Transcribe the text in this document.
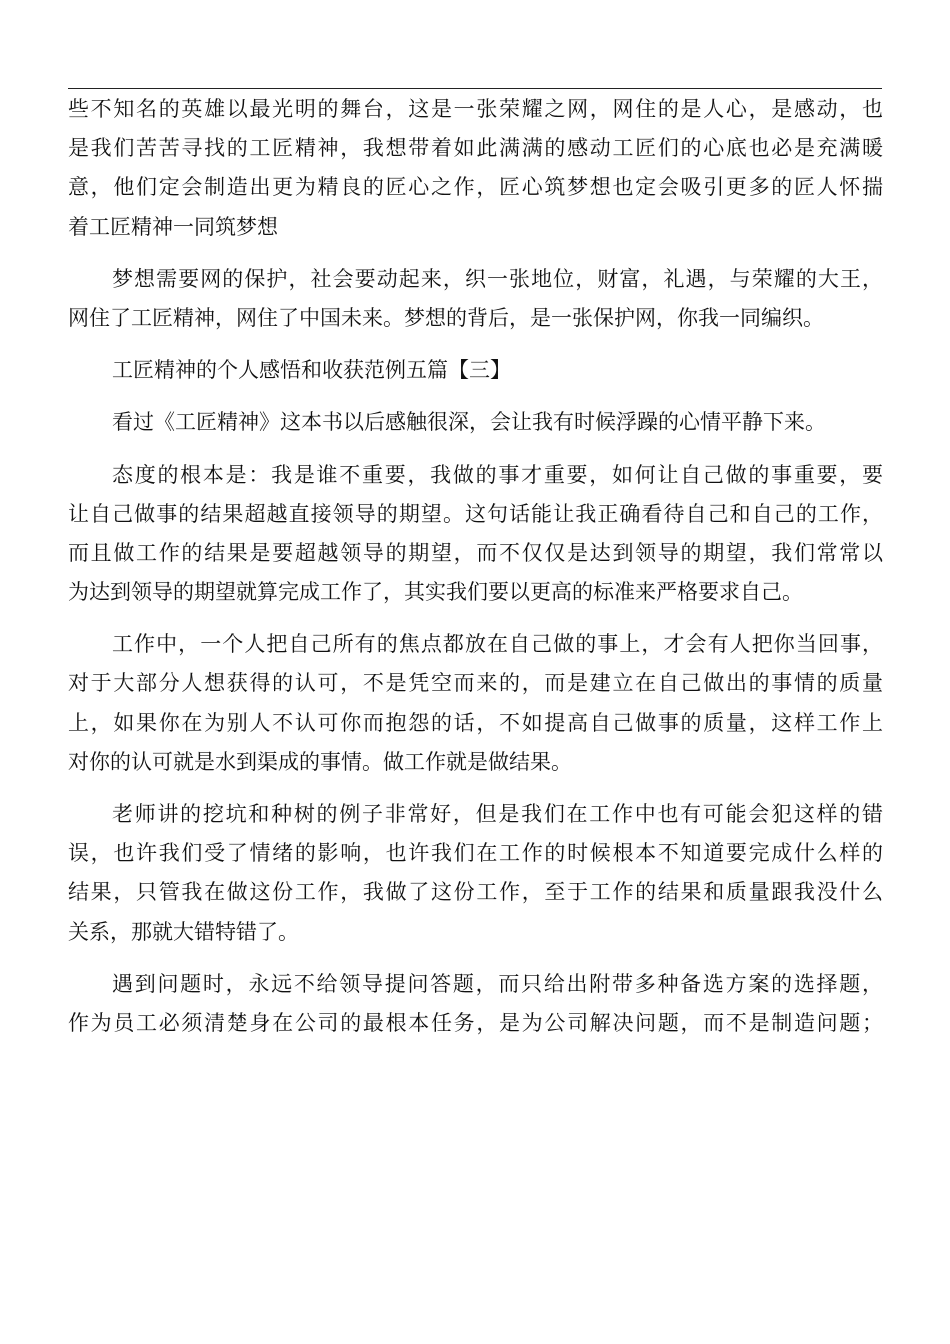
些不知名的英雄以最光明的舞台，这是一张荣耀之网，网住的是人心，是感动，也
是我们苦苦寻找的工匠精神，我想带着如此满满的感动工匠们的心底也必是充满暖
意，他们定会制造出更为精良的匠心之作，匠心筑梦想也定会吸引更多的匠人怀揣
着工匠精神一同筑梦想
梦想需要网的保护，社会要动起来，织一张地位，财富，礼遇，与荣耀的大王，
网住了工匠精神，网住了中国未来。梦想的背后，是一张保护网，你我一同编织。
工匠精神的个人感悟和收获范例五篇【三】
看过《工匠精神》这本书以后感触很深，会让我有时候浮躁的心情平静下来。
态度的根本是：我是谁不重要，我做的事才重要，如何让自己做的事重要，要
让自己做事的结果超越直接领导的期望。这句话能让我正确看待自己和自己的工作，
而且做工作的结果是要超越领导的期望，而不仅仅是达到领导的期望，我们常常以
为达到领导的期望就算完成工作了，其实我们要以更高的标准来严格要求自己。
工作中，一个人把自己所有的焦点都放在自己做的事上，才会有人把你当回事，
对于大部分人想获得的认可，不是凭空而来的，而是建立在自己做出的事情的质量
上，如果你在为别人不认可你而抱怨的话，不如提高自己做事的质量，这样工作上
对你的认可就是水到渠成的事情。做工作就是做结果。
老师讲的挖坑和种树的例子非常好，但是我们在工作中也有可能会犯这样的错
误，也许我们受了情绪的影响，也许我们在工作的时候根本不知道要完成什么样的
结果，只管我在做这份工作，我做了这份工作，至于工作的结果和质量跟我没什么
关系，那就大错特错了。
遇到问题时，永远不给领导提问答题，而只给出附带多种备选方案的选择题，
作为员工必须清楚身在公司的最根本任务，是为公司解决问题，而不是制造问题；
